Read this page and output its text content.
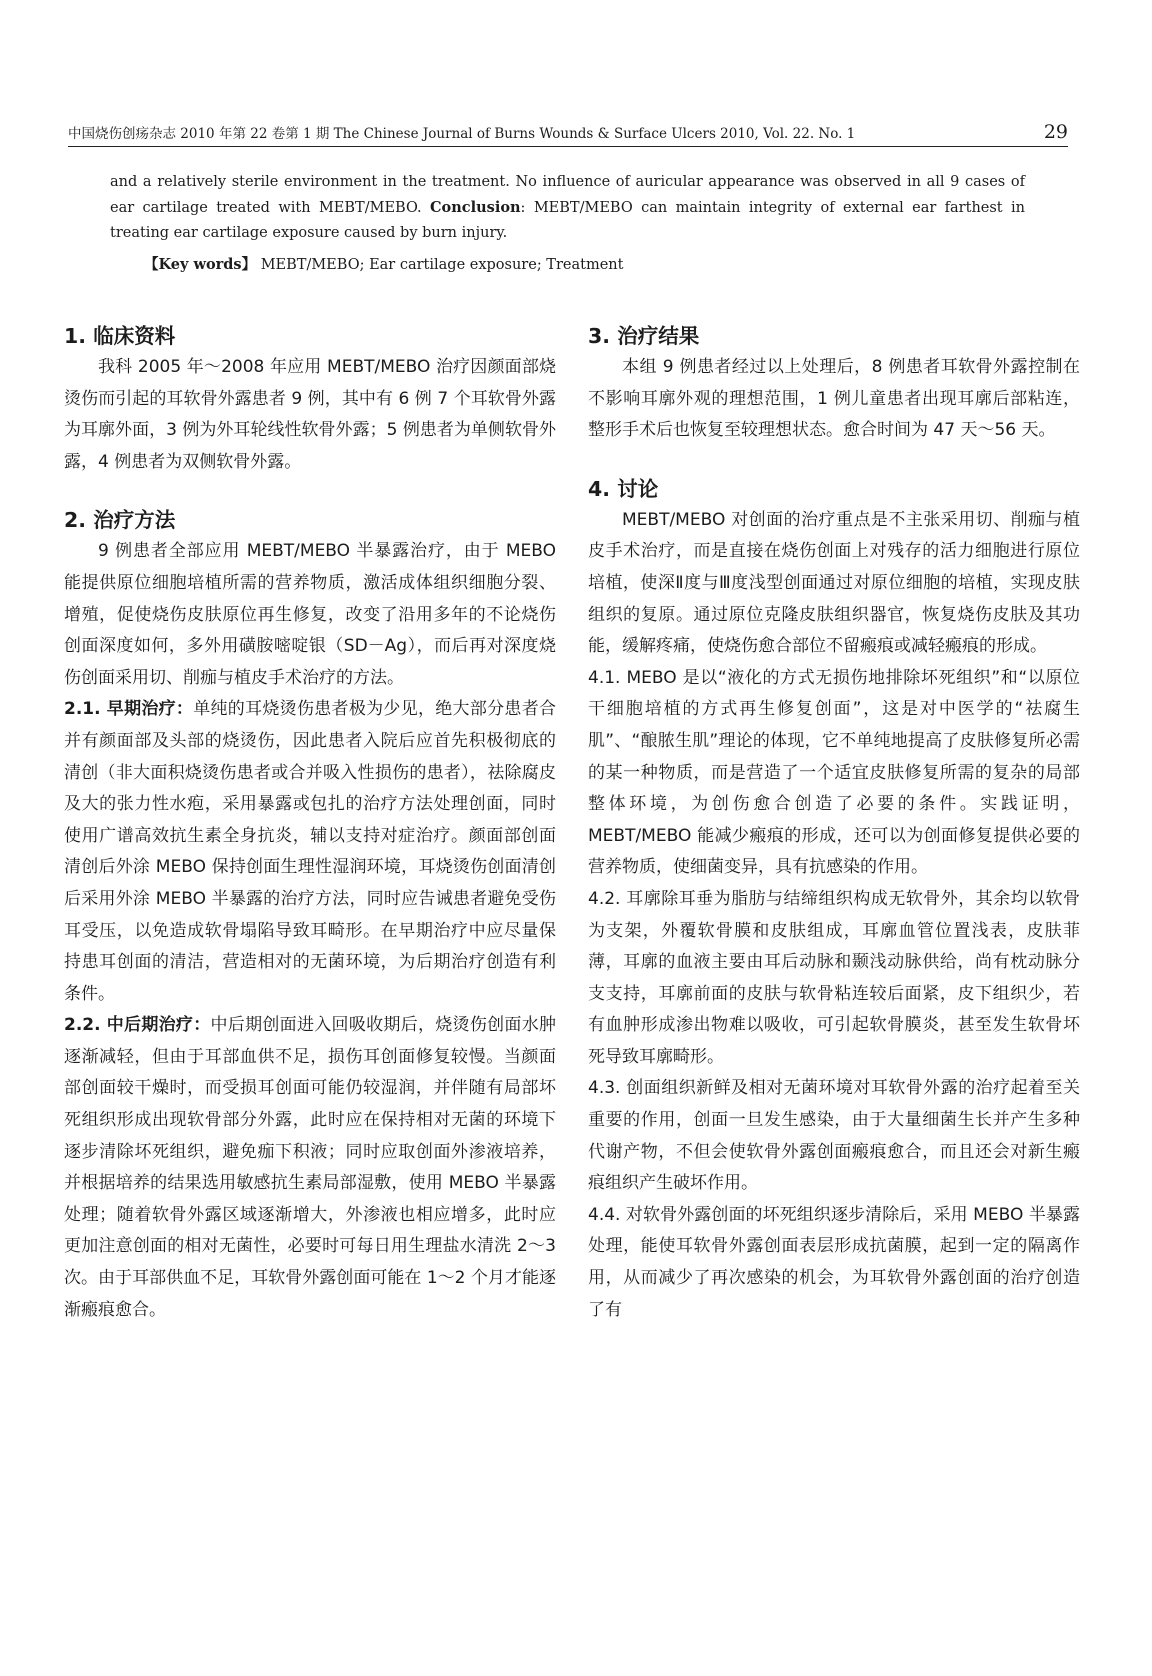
中国烧伤创疡杂志 2010 年第 22 卷第 1 期 The Chinese Journal of Burns Wounds & Surface Ulcers 2010, Vol. 22. No. 1	29

and a relatively sterile environment in the treatment. No influence of auricular appearance was observed in all 9 cases of ear cartilage treated with MEBT/MEBO. Conclusion: MEBT/MEBO can maintain integrity of external ear farthest in treating ear cartilage exposure caused by burn injury.

【Key words】 MEBT/MEBO; Ear cartilage exposure; Treatment

1. 临床资料

我科 2005 年～2008 年应用 MEBT/MEBO 治疗因颜面部烧烫伤而引起的耳软骨外露患者 9 例，其中有 6 例 7 个耳软骨外露为耳廓外面，3 例为外耳轮线性软骨外露；5 例患者为单侧软骨外露，4 例患者为双侧软骨外露。

2. 治疗方法

9 例患者全部应用 MEBT/MEBO 半暴露治疗，由于 MEBO 能提供原位细胞培植所需的营养物质，激活成体组织细胞分裂、增殖，促使烧伤皮肤原位再生修复，改变了沿用多年的不论烧伤创面深度如何，多外用磺胺嘧啶银（SD－Ag），而后再对深度烧伤创面采用切、削痂与植皮手术治疗的方法。

2.1. 早期治疗：单纯的耳烧烫伤患者极为少见，绝大部分患者合并有颜面部及头部的烧烫伤，因此患者入院后应首先积极彻底的清创（非大面积烧烫伤患者或合并吸入性损伤的患者），祛除腐皮及大的张力性水疱，采用暴露或包扎的治疗方法处理创面，同时使用广谱高效抗生素全身抗炎，辅以支持对症治疗。颜面部创面清创后外涂 MEBO 保持创面生理性湿润环境，耳烧烫伤创面清创后采用外涂 MEBO 半暴露的治疗方法，同时应告诫患者避免受伤耳受压，以免造成软骨塌陷导致耳畸形。在早期治疗中应尽量保持患耳创面的清洁，营造相对的无菌环境，为后期治疗创造有利条件。

2.2. 中后期治疗：中后期创面进入回吸收期后，烧烫伤创面水肿逐渐减轻，但由于耳部血供不足，损伤耳创面修复较慢。当颜面部创面较干燥时，而受损耳创面可能仍较湿润，并伴随有局部坏死组织形成出现软骨部分外露，此时应在保持相对无菌的环境下逐步清除坏死组织，避免痂下积液；同时应取创面外渗液培养，并根据培养的结果选用敏感抗生素局部湿敷，使用 MEBO 半暴露处理；随着软骨外露区域逐渐增大，外渗液也相应增多，此时应更加注意创面的相对无菌性，必要时可每日用生理盐水清洗 2～3 次。由于耳部供血不足，耳软骨外露创面可能在 1～2 个月才能逐渐瘢痕愈合。

3. 治疗结果

本组 9 例患者经过以上处理后，8 例患者耳软骨外露控制在不影响耳廓外观的理想范围，1 例儿童患者出现耳廓后部粘连，整形手术后也恢复至较理想状态。愈合时间为 47 天～56 天。

4. 讨论

MEBT/MEBO 对创面的治疗重点是不主张采用切、削痂与植皮手术治疗，而是直接在烧伤创面上对残存的活力细胞进行原位培植，使深Ⅱ度与Ⅲ度浅型创面通过对原位细胞的培植，实现皮肤组织的复原。通过原位克隆皮肤组织器官，恢复烧伤皮肤及其功能，缓解疼痛，使烧伤愈合部位不留瘢痕或减轻瘢痕的形成。

4.1. MEBO 是以“液化的方式无损伤地排除坏死组织”和“以原位干细胞培植的方式再生修复创面”，这是对中医学的“祛腐生肌”、“酿脓生肌”理论的体现，它不单纯地提高了皮肤修复所必需的某一种物质，而是营造了一个适宜皮肤修复所需的复杂的局部整体环境，为创伤愈合创造了必要的条件。实践证明，MEBT/MEBO 能减少瘢痕的形成，还可以为创面修复提供必要的营养物质，使细菌变异，具有抗感染的作用。

4.2. 耳廓除耳垂为脂肪与结缔组织构成无软骨外，其余均以软骨为支架，外覆软骨膜和皮肤组成，耳廓血管位置浅表，皮肤菲薄，耳廓的血液主要由耳后动脉和颞浅动脉供给，尚有枕动脉分支支持，耳廓前面的皮肤与软骨粘连较后面紧，皮下组织少，若有血肿形成渗出物难以吸收，可引起软骨膜炎，甚至发生软骨坏死导致耳廓畸形。

4.3. 创面组织新鲜及相对无菌环境对耳软骨外露的治疗起着至关重要的作用，创面一旦发生感染，由于大量细菌生长并产生多种代谢产物，不但会使软骨外露创面瘢痕愈合，而且还会对新生瘢痕组织产生破坏作用。

4.4. 对软骨外露创面的坏死组织逐步清除后，采用 MEBO 半暴露处理，能使耳软骨外露创面表层形成抗菌膜，起到一定的隔离作用，从而减少了再次感染的机会，为耳软骨外露创面的治疗创造了有
